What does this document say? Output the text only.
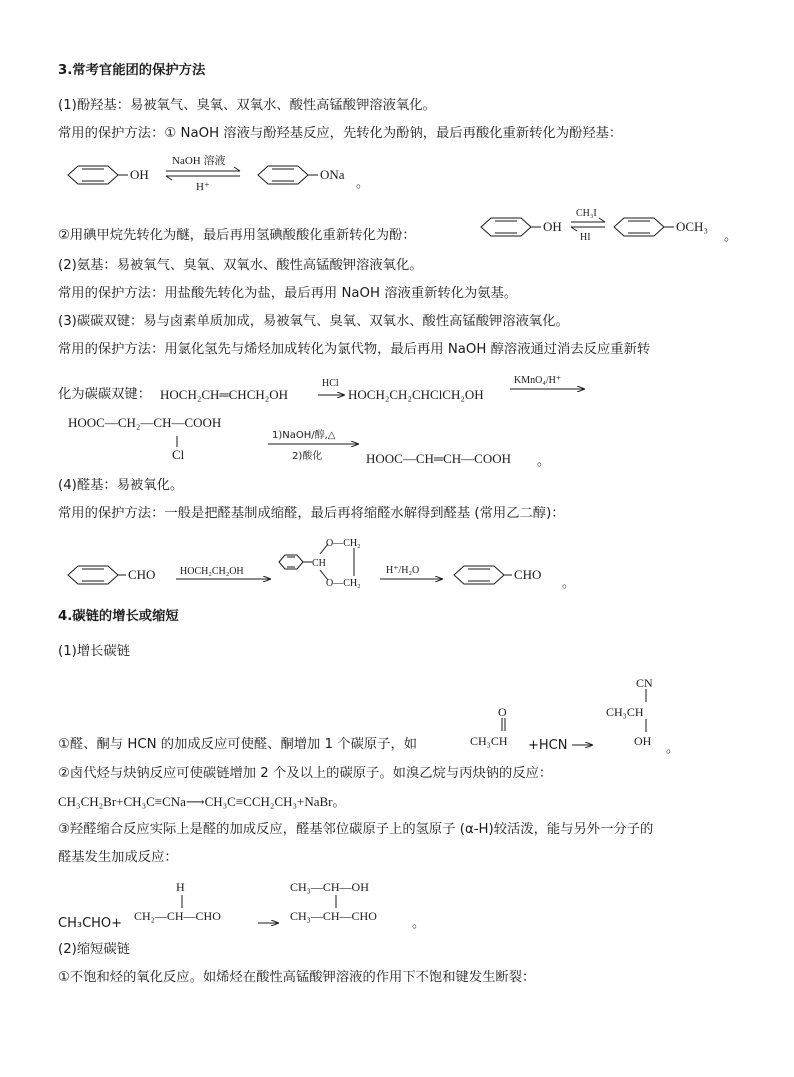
3.常考官能团的保护方法
(1)酚羟基：易被氧气、臭氧、双氧水、酸性高锰酸钾溶液氧化。
常用的保护方法：① NaOH 溶液与酚羟基反应，先转化为酚钠，最后再酸化重新转化为酚羟基：
②用碘甲烷先转化为醚，最后再用氢碘酸酸化重新转化为酚：
(2)氨基：易被氧气、臭氧、双氧水、酸性高锰酸钾溶液氧化。
常用的保护方法：用盐酸先转化为盐，最后再用 NaOH 溶液重新转化为氨基。
(3)碳碳双键：易与卤素单质加成，易被氧气、臭氧、双氧水、酸性高锰酸钾溶液氧化。
常用的保护方法：用氯化氢先与烯烃加成转化为氯代物，最后再用 NaOH 醇溶液通过消去反应重新转
化为碳碳双键：
(4)醛基：易被氧化。
常用的保护方法：一般是把醛基制成缩醛，最后再将缩醛水解得到醛基 (常用乙二醇)：
4.碳链的增长或缩短
(1)增长碳链
①醛、酮与 HCN 的加成反应可使醛、酮增加 1 个碳原子，如
②卤代烃与炔钠反应可使碳链增加 2 个及以上的碳原子。如溴乙烷与丙炔钠的反应：
CH₃CH₂Br+CH₃C≡CNa⟶CH₃C≡CCH₂CH₃+NaBr。
③羟醛缩合反应实际上是醛的加成反应，醛基邻位碳原子上的氢原子 (α-H)较活泼，能与另外一分子的
醛基发生加成反应：
(2)缩短碳链
①不饱和烃的氧化反应。如烯烃在酸性高锰酸钾溶液的作用下不饱和键发生断裂：
OH
NaOH 溶液
H⁺
ONa
。
OH
CH₃I
HI
OCH₃
。
HOCH₂CH═CHCH₂OH
HCl
HOCH₂CH₂CHClCH₂OH
KMnO₄/H⁺
HOOC—CH₂—CH—COOH
Cl
1)NaOH/醇,△
2)酸化	HOOC—CH═CH—COOH 。
CHO HOCH₂CH₂OH
O—CH₂
CH
O—CH₂
H⁺/H₂O	CHO
。
O
CH₃CH +HCN
CN
CH₃CH
OH 。
H
CH₃CHO+ CH₂—CH—CHO
CH₃—CH—OH
CH₃—CH—CHO	。
